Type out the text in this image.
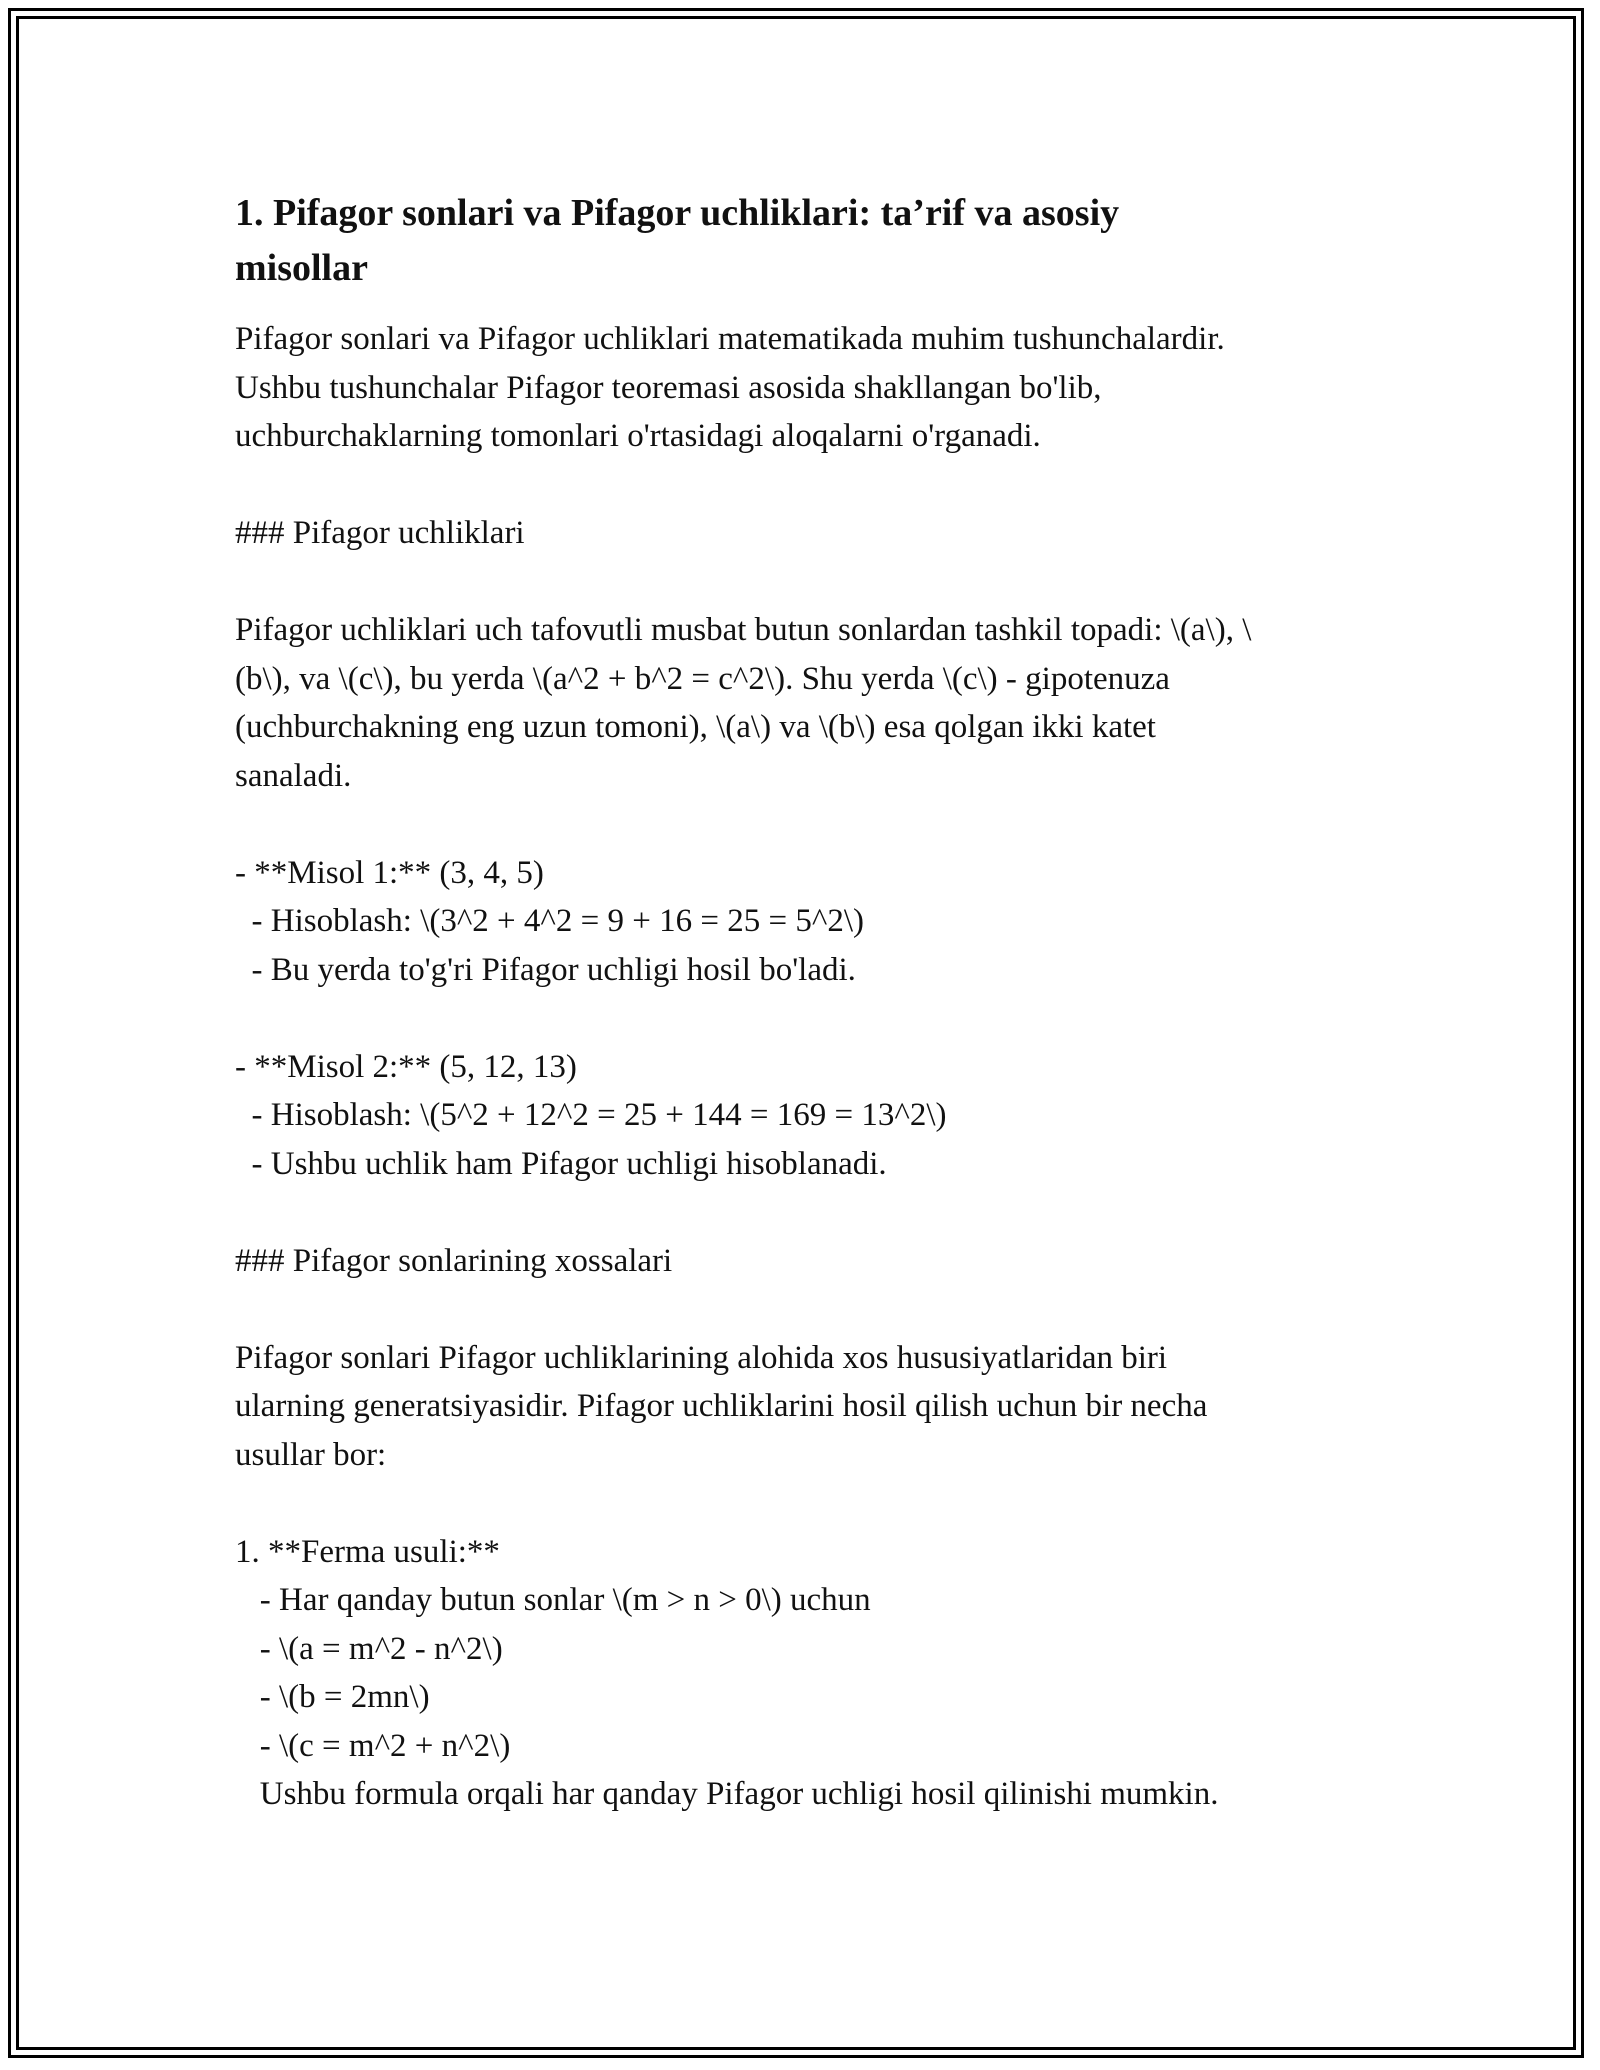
1. Pifagor sonlari va Pifagor uchliklari: ta’rif va asosiy
misollar

Pifagor sonlari va Pifagor uchliklari matematikada muhim tushunchalardir.

Ushbu tushunchalar Pifagor teoremasi asosida shakllangan bo'lib,

uchburchaklarning tomonlari o'rtasidagi aloqalarni o'rganadi.

### Pifagor uchliklari

Pifagor uchliklari uch tafovutli musbat butun sonlardan tashkil topadi: \(a\), \

(b\), va \(c\), bu yerda \(a^2 + b^2 = c^2\). Shu yerda \(c\) - gipotenuza

(uchburchakning eng uzun tomoni), \(a\) va \(b\) esa qolgan ikki katet

sanaladi.

- **Misol 1:** (3, 4, 5)

- Hisoblash: \(3^2 + 4^2 = 9 + 16 = 25 = 5^2\)

- Bu yerda to'g'ri Pifagor uchligi hosil bo'ladi.

- **Misol 2:** (5, 12, 13)

- Hisoblash: \(5^2 + 12^2 = 25 + 144 = 169 = 13^2\)

- Ushbu uchlik ham Pifagor uchligi hisoblanadi.

### Pifagor sonlarining xossalari

Pifagor sonlari Pifagor uchliklarining alohida xos hususiyatlaridan biri

ularning generatsiyasidir. Pifagor uchliklarini hosil qilish uchun bir necha

usullar bor:

1. **Ferma usuli:**

- Har qanday butun sonlar \(m > n > 0\) uchun

- \(a = m^2 - n^2\)

- \(b = 2mn\)

- \(c = m^2 + n^2\)

Ushbu formula orqali har qanday Pifagor uchligi hosil qilinishi mumkin.
